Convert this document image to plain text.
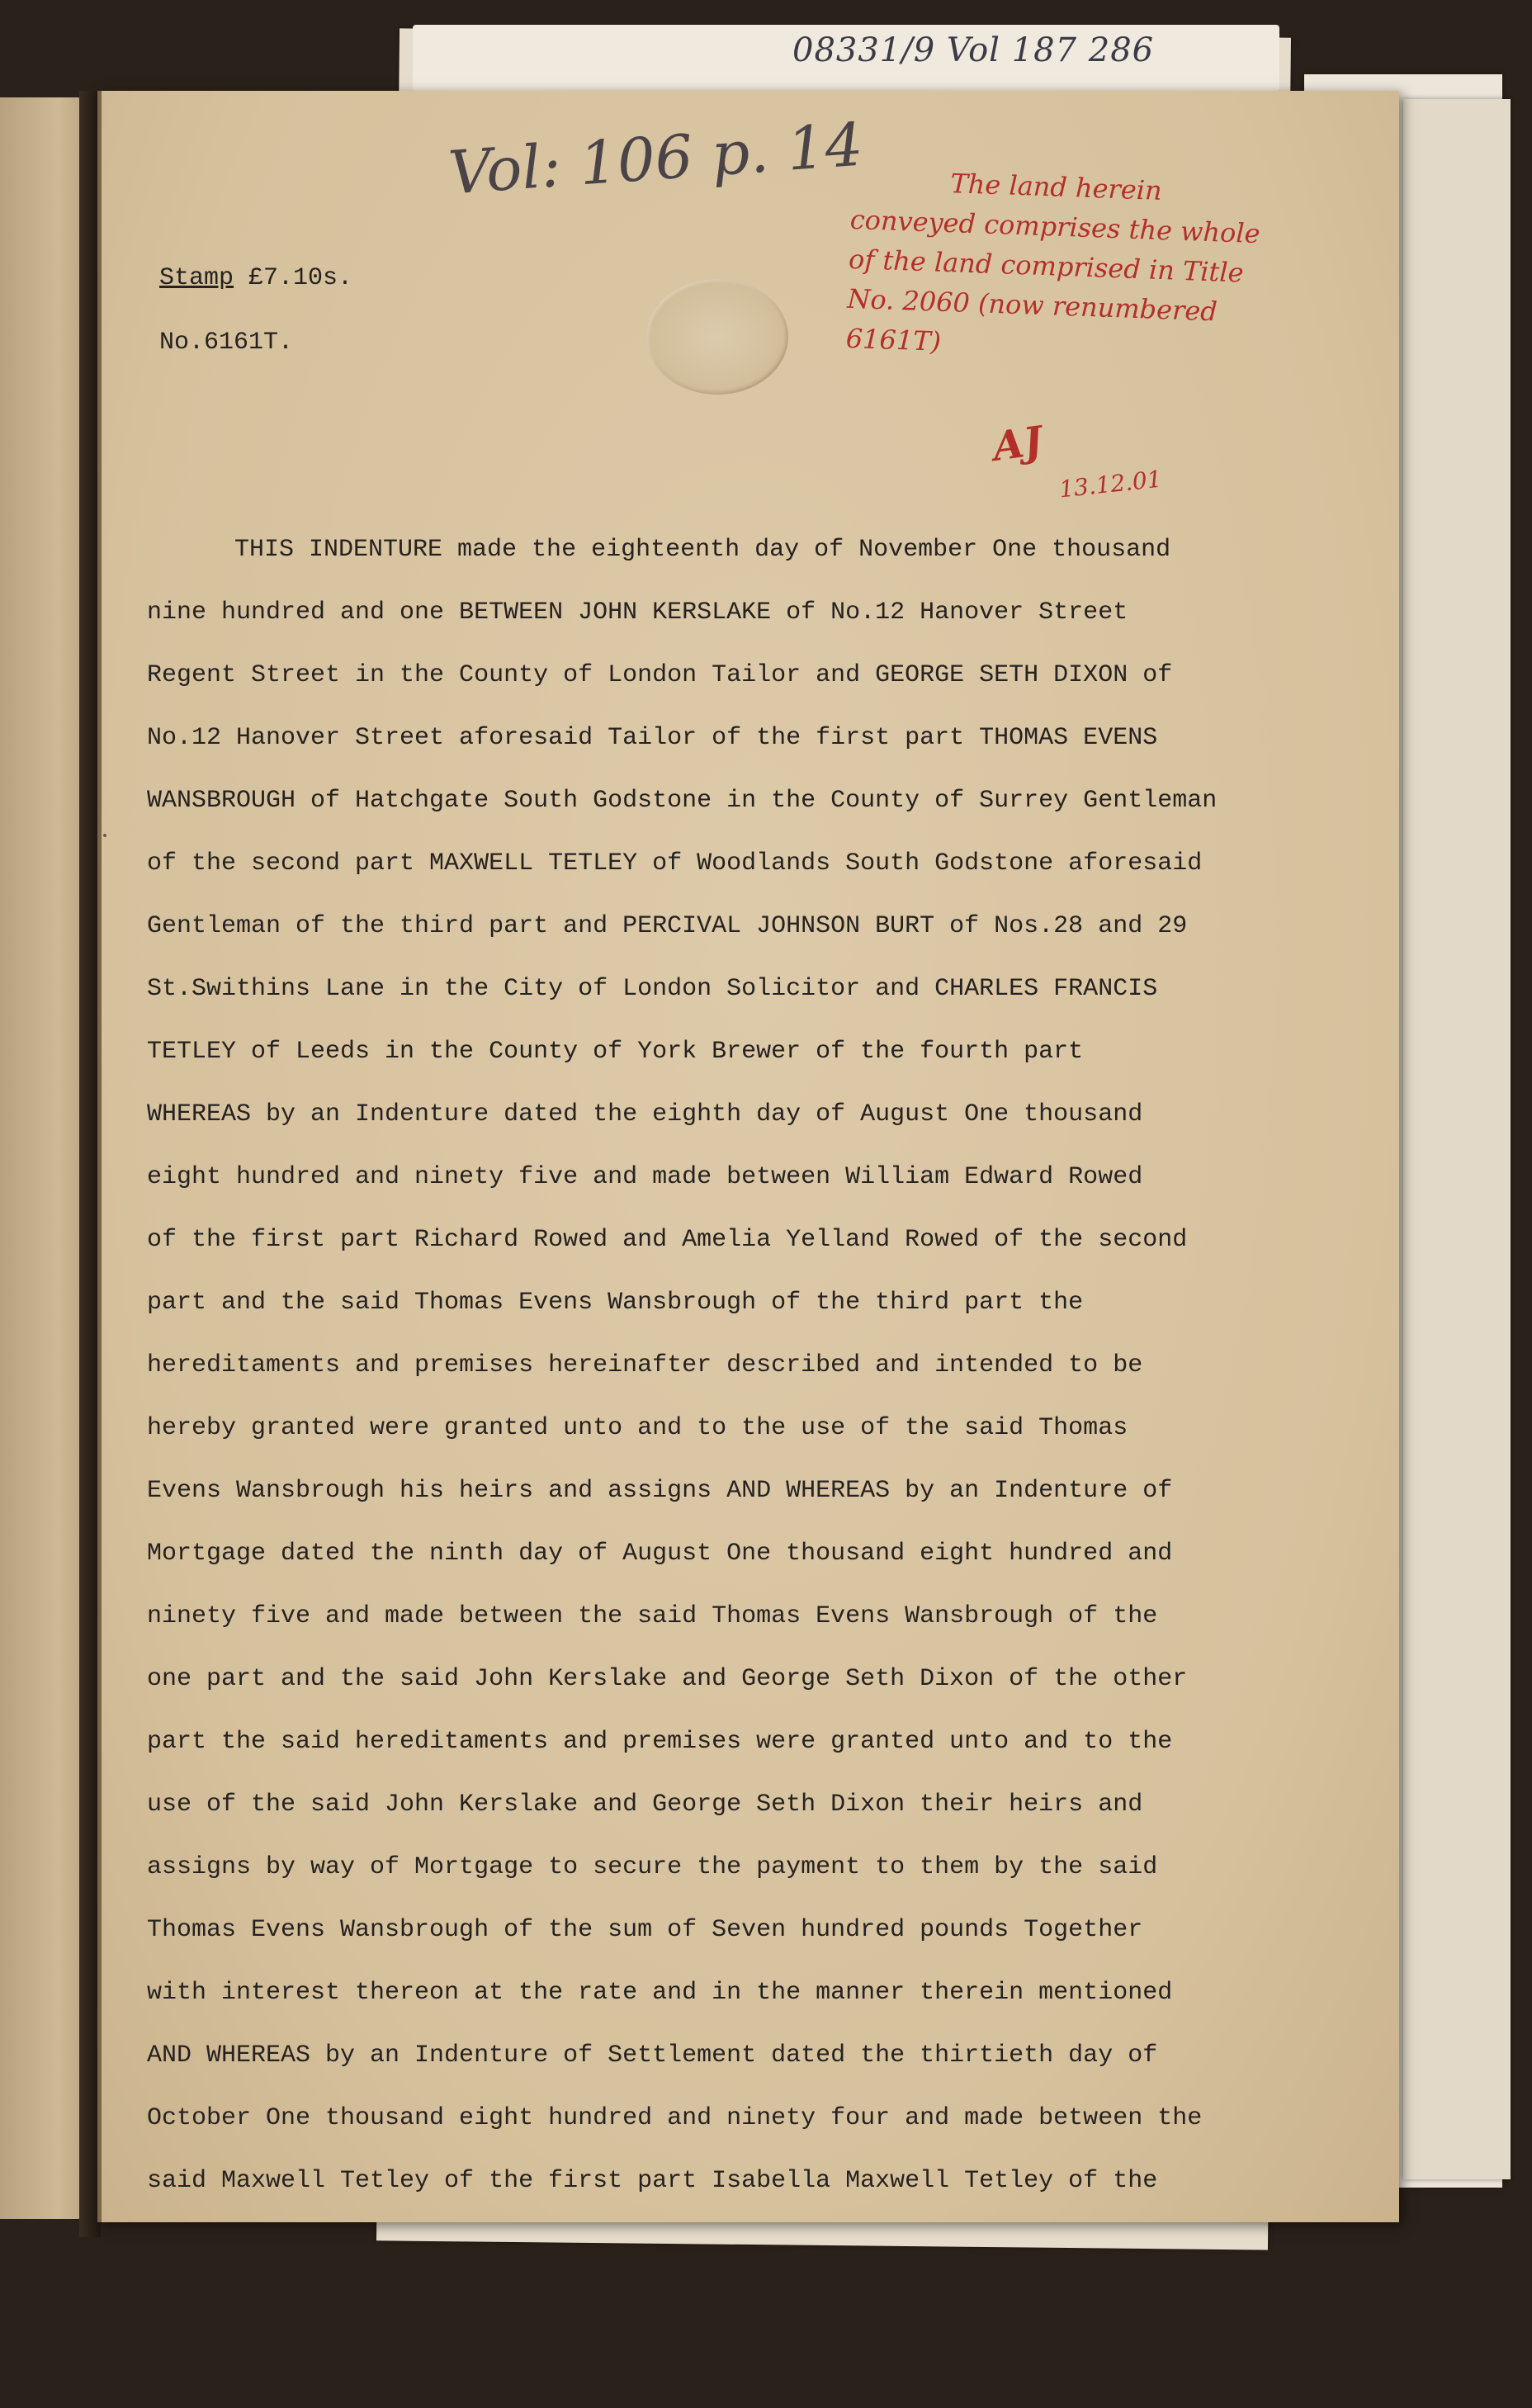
08331/9 Vol 187 286
Vol: 106 p. 14	The land herein
conveyed comprises the whole
of the land comprised in Title
No. 2060 (now renumbered
6161T)
AJ
13.12.01
Stamp £7.10s.
No.6161T.
THIS INDENTURE made the eighteenth day of November One thousand
nine hundred and one BETWEEN JOHN KERSLAKE of No.12 Hanover Street
Regent Street in the County of London Tailor and GEORGE SETH DIXON of
No.12 Hanover Street aforesaid Tailor of the first part THOMAS EVENS
WANSBROUGH of Hatchgate South Godstone in the County of Surrey Gentleman
of the second part MAXWELL TETLEY of Woodlands South Godstone aforesaid
Gentleman of the third part and PERCIVAL JOHNSON BURT of Nos.28 and 29
St.Swithins Lane in the City of London Solicitor and CHARLES FRANCIS
TETLEY of Leeds in the County of York Brewer of the fourth part
WHEREAS by an Indenture dated the eighth day of August One thousand
eight hundred and ninety five and made between William Edward Rowed
of the first part Richard Rowed and Amelia Yelland Rowed of the second
part and the said Thomas Evens Wansbrough of the third part the
hereditaments and premises hereinafter described and intended to be
hereby granted were granted unto and to the use of the said Thomas
Evens Wansbrough his heirs and assigns AND WHEREAS by an Indenture of
Mortgage dated the ninth day of August One thousand eight hundred and
ninety five and made between the said Thomas Evens Wansbrough of the
one part and the said John Kerslake and George Seth Dixon of the other
part the said hereditaments and premises were granted unto and to the
use of the said John Kerslake and George Seth Dixon their heirs and
assigns by way of Mortgage to secure the payment to them by the said
Thomas Evens Wansbrough of the sum of Seven hundred pounds Together
with interest thereon at the rate and in the manner therein mentioned
AND WHEREAS by an Indenture of Settlement dated the thirtieth day of
October One thousand eight hundred and ninety four and made between the
said Maxwell Tetley of the first part Isabella Maxwell Tetley of the
